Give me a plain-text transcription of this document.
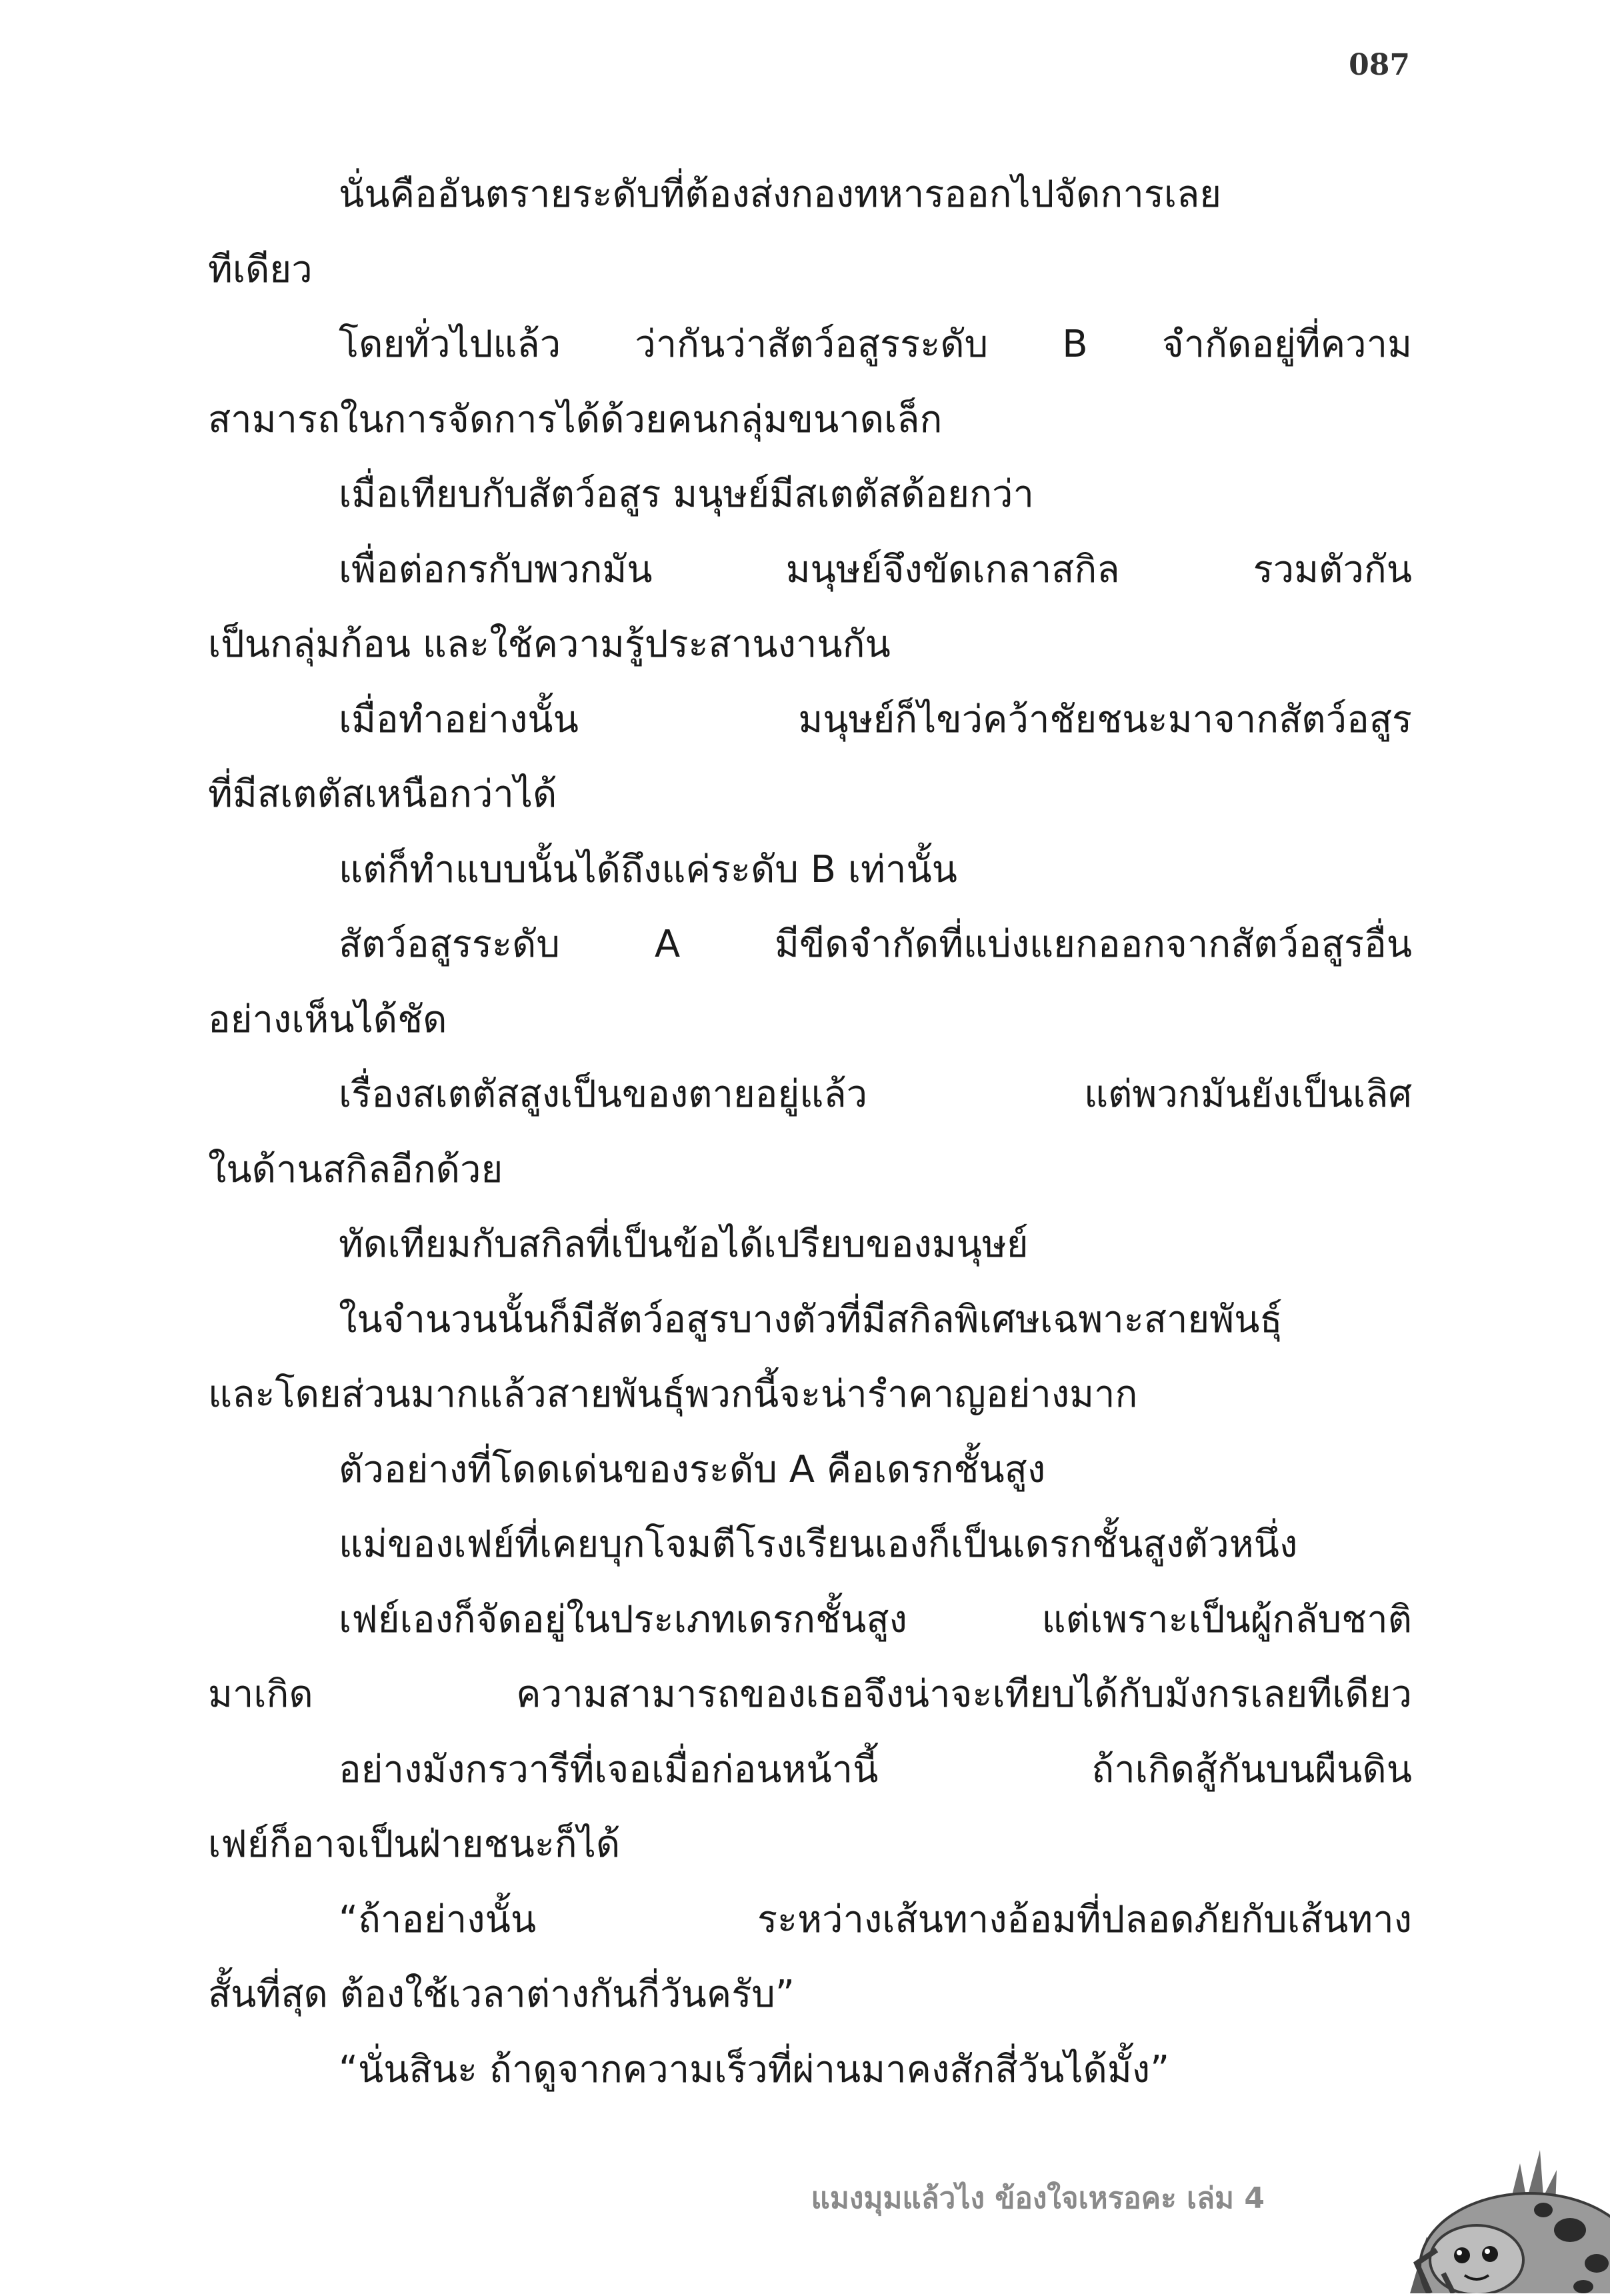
087
นั่นคืออันตรายระดับที่ต้องส่งกองทหารออกไปจัดการเลย
ทีเดียว
โดยทั่วไปแล้ว ว่ากันว่าสัตว์อสูรระดับ B จำกัดอยู่ที่ความ
สามารถในการจัดการได้ด้วยคนกลุ่มขนาดเล็ก
เมื่อเทียบกับสัตว์อสูร มนุษย์มีสเตตัสด้อยกว่า
เพื่อต่อกรกับพวกมัน มนุษย์จึงขัดเกลาสกิล รวมตัวกัน
เป็นกลุ่มก้อน และใช้ความรู้ประสานงานกัน
เมื่อทำอย่างนั้น มนุษย์ก็ไขว่คว้าชัยชนะมาจากสัตว์อสูร
ที่มีสเตตัสเหนือกว่าได้
แต่ก็ทำแบบนั้นได้ถึงแค่ระดับ B เท่านั้น
สัตว์อสูรระดับ A มีขีดจำกัดที่แบ่งแยกออกจากสัตว์อสูรอื่น
อย่างเห็นได้ชัด
เรื่องสเตตัสสูงเป็นของตายอยู่แล้ว แต่พวกมันยังเป็นเลิศ
ในด้านสกิลอีกด้วย
ทัดเทียมกับสกิลที่เป็นข้อได้เปรียบของมนุษย์
ในจำนวนนั้นก็มีสัตว์อสูรบางตัวที่มีสกิลพิเศษเฉพาะสายพันธุ์
และโดยส่วนมากแล้วสายพันธุ์พวกนี้จะน่ารำคาญอย่างมาก
ตัวอย่างที่โดดเด่นของระดับ A คือเดรกชั้นสูง
แม่ของเฟย์ที่เคยบุกโจมตีโรงเรียนเองก็เป็นเดรกชั้นสูงตัวหนึ่ง
เฟย์เองก็จัดอยู่ในประเภทเดรกชั้นสูง แต่เพราะเป็นผู้กลับชาติ
มาเกิด ความสามารถของเธอจึงน่าจะเทียบได้กับมังกรเลยทีเดียว
อย่างมังกรวารีที่เจอเมื่อก่อนหน้านี้ ถ้าเกิดสู้กันบนผืนดิน
เฟย์ก็อาจเป็นฝ่ายชนะก็ได้
“ถ้าอย่างนั้น ระหว่างเส้นทางอ้อมที่ปลอดภัยกับเส้นทาง
สั้นที่สุด ต้องใช้เวลาต่างกันกี่วันครับ”
“นั่นสินะ ถ้าดูจากความเร็วที่ผ่านมาคงสักสี่วันได้มั้ง”
แมงมุมแล้วไง ข้องใจเหรอคะ เล่ม 4
